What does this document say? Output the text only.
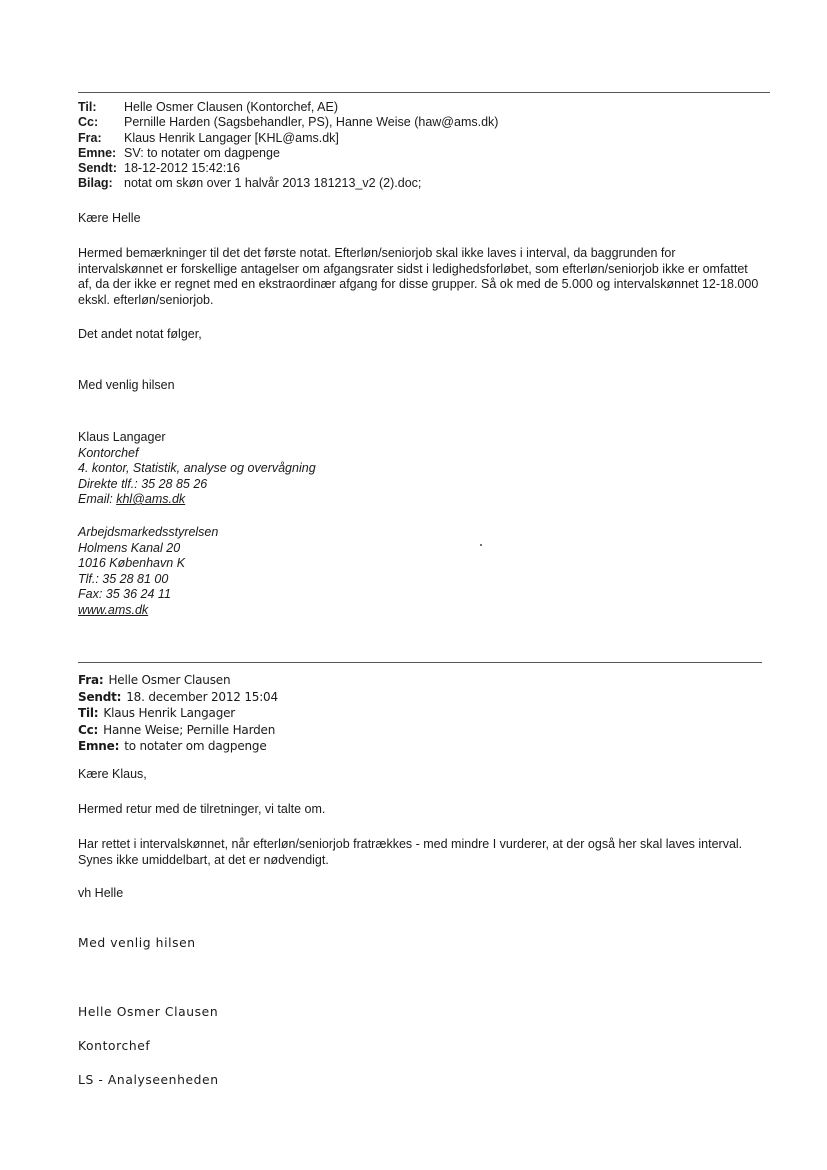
Til:	Helle Osmer Clausen (Kontorchef, AE)
Cc:	Pernille Harden (Sagsbehandler, PS), Hanne Weise (haw@ams.dk)
Fra:	Klaus Henrik Langager [KHL@ams.dk]
Emne: SV: to notater om dagpenge
Sendt: 18-12-2012 15:42:16
Bilag: notat om skøn over 1 halvår 2013 181213_v2 (2).doc;
Kære Helle
Hermed bemærkninger til det det første notat. Efterløn/seniorjob skal ikke laves i interval, da baggrunden for
intervalskønnet er forskellige antagelser om afgangsrater sidst i ledighedsforløbet, som efterløn/seniorjob ikke er omfattet
af, da der ikke er regnet med en ekstraordinær afgang for disse grupper. Så ok med de 5.000 og intervalskønnet 12-18.000
ekskl. efterløn/seniorjob.
Det andet notat følger,
Med venlig hilsen
Klaus Langager
Kontorchef
4. kontor, Statistik, analyse og overvågning
Direkte tlf.: 35 28 85 26
Email: khl@ams.dk
Arbejdsmarkedsstyrelsen
Holmens Kanal 20
1016 København K
Tlf.: 35 28 81 00
Fax: 35 36 24 11
www.ams.dk
Fra: Helle Osmer Clausen
Sendt: 18. december 2012 15:04
Til: Klaus Henrik Langager
Cc: Hanne Weise; Pernille Harden
Emne: to notater om dagpenge
Kære Klaus,
Hermed retur med de tilretninger, vi talte om.
Har rettet i intervalskønnet, når efterløn/seniorjob fratrækkes - med mindre I vurderer, at der også her skal laves interval.
Synes ikke umiddelbart, at det er nødvendigt.
vh Helle
Med venlig hilsen
Helle Osmer Clausen
Kontorchef
LS - Analyseenheden
